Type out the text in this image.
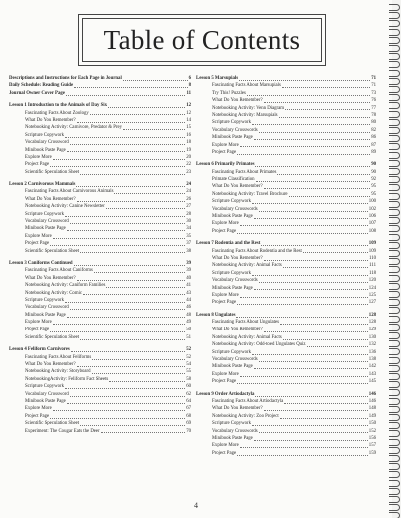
Table of Contents
Descriptions and Instructions for Each Page in Journal	6
Daily Schedule: Reading Guide	8
Journal Owner Cover Page	11
Lesson 1 Introduction to the Animals of Day Six	12
Fascinating Facts About Zoology	12
What Do You Remember?	14
Notebooking Activity: Carnivore, Predator & Prey	15
Scripture Copywork	16
Vocabulary Crossword	18
Minibook Paste Page	19
Explore More	20
Project Page	22
Scientific Speculation Sheet	23
Lesson 2 Carnivorous Mammals	24
Fascinating Facts About Carnivorous Animals	24
What Do You Remember?	26
Notebooking Activity: Canine Newsletter	27
Scripture Copywork	28
Vocabulary Crossword	30
Minibook Paste Page	34
Explore More	35
Project Page	37
Scientific Speculation Sheet	38
Lesson 3 Caniforms Continued	39
Fascinating Facts About Caniforms	39
What Do You Remember?	40
Notebooking Activity: Caniform Families	41
Notebooking Activity: Comic	43
Scripture Copywork	44
Vocabulary Crossword	46
Minibook Paste Page	48
Explore More	49
Project Page	50
Scientific Speculation Sheet	51
Lesson 4 Feliform Carnivores	52
Fascinating Facts About Feliforms	52
What Do You Remember?	54
Notebooking Activity: Storyboard	55
NotebookingActivity: Feliform Fact Sheets	58
Scripture Copywork	60
Vocabulary Crossword	62
Minibook Paste Page	64
Explore More	67
Project Page	68
Scientific Speculation Sheet	69
Experiment: The Cougar Eats the Deer	70
Lesson 5 Marsupials	71
Fascinating Facts About Marsupials	71
Try This! Puzzles	73
What Do You Remember?	76
Notebooking Activity: Venn Diagram	77
Notebooking Activity: Marsupials	78
Scripture Copywork	80
Vocabulary Crosswords	82
Minibook Paste Page	86
Explore More	87
Project Page	89
Lesson 6 Primarily Primates	90
Fascinating Facts About Primates	90
Primate Classification	92
What Do You Remember?	95
Notebooking Activity: Travel Brochure	95
Scripture Copywork	100
Vocabulary Crosswords	102
Minibook Paste Page	106
Explore More	107
Project Page	108
Lesson 7 Rodentia and the Rest	109
Fascinating Facts About Rodentia and the Rest	109
What Do You Remember?	110
Notebooking Activity: Animal Facts	111
Scripture Copywork	118
Vocabulary Crosswords	120
Minibook Paste Page	124
Explore More	125
Project Page	127
Lesson 8 Ungulates	128
Fascinating Facts About Ungulates	128
What Do You Remember?	129
Notebooking Activity: Animal Facts	130
Notebooking Activity: Odd-toed Ungulates Quiz	132
Scripture Copywork	136
Vocabulary Crosswords	138
Minibook Paste Page	142
Explore More	143
Project Page	145
Lesson 9 Order Artiodactyla	146
Fascinating Facts About Artiodactyla	146
What Do You Remember?	148
Notebooking Activity: Zoo Project	149
Scripture Copywork	150
Vocabulary Crosswords	152
Minibook Paste Page	156
Explore More	157
Project Page	159
4
